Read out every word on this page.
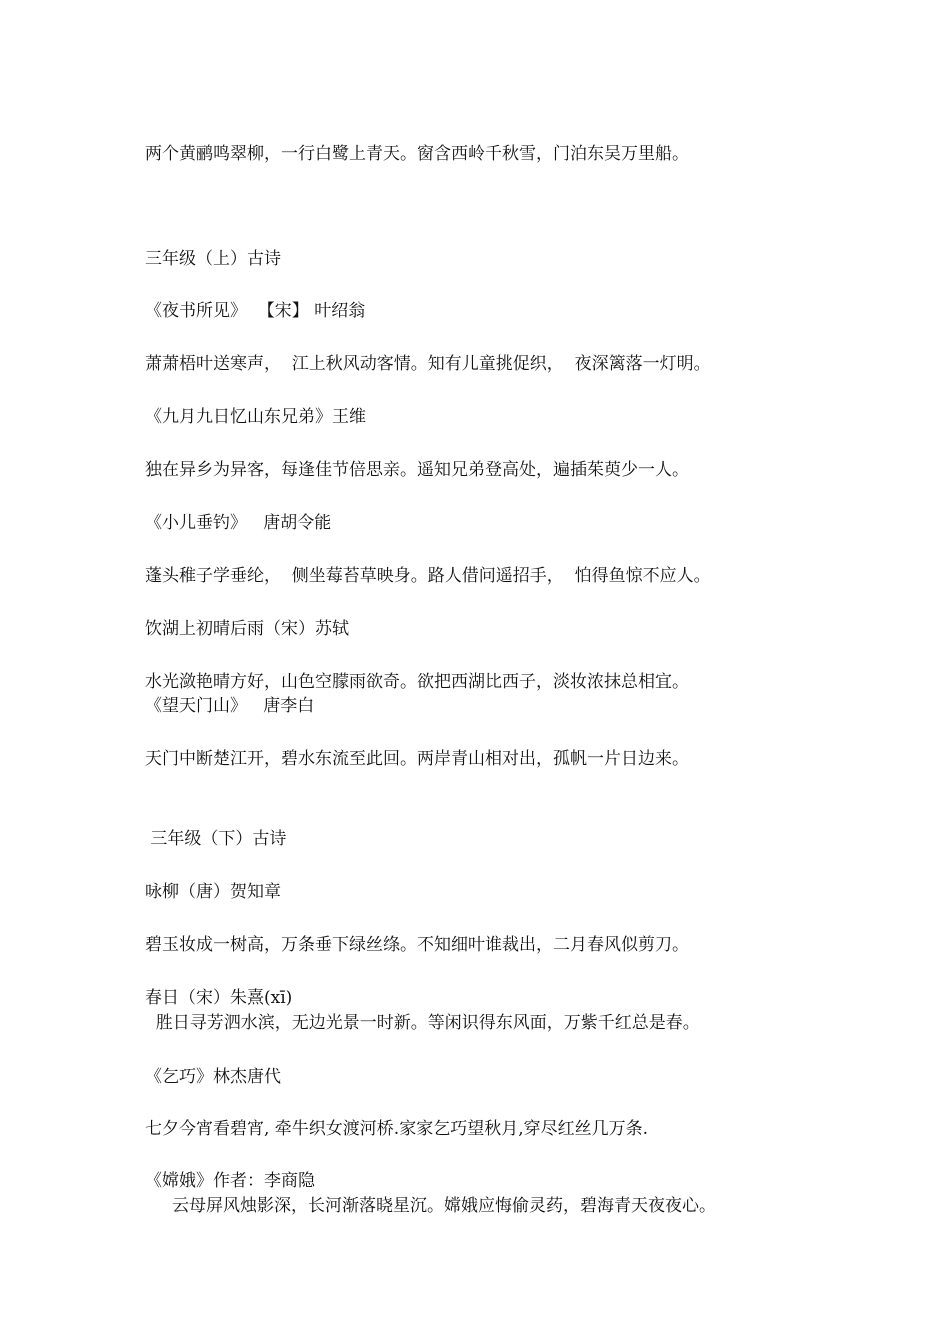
两个黄鹂鸣翠柳，一行白鹭上青天。窗含西岭千秋雪，门泊东吴万里船。

三年级（上）古诗

《夜书所见》  【宋】 叶绍翁

萧萧梧叶送寒声，  江上秋风动客情。知有儿童挑促织，  夜深篱落一灯明。

《九月九日忆山东兄弟》王维

独在异乡为异客，每逢佳节倍思亲。遥知兄弟登高处，遍插茱萸少一人。

《小儿垂钓》   唐胡令能

蓬头稚子学垂纶，  侧坐莓苔草映身。路人借问遥招手，  怕得鱼惊不应人。

饮湖上初晴后雨（宋）苏轼

水光潋艳晴方好，山色空朦雨欲奇。欲把西湖比西子，淡妆浓抹总相宜。

《望天门山》   唐李白

天门中断楚江开，碧水东流至此回。两岸青山相对出，孤帆一片日边来。

三年级（下）古诗

咏柳（唐）贺知章

碧玉妆成一树高，万条垂下绿丝绦。不知细叶谁裁出，二月春风似剪刀。

春日（宋）朱熹(xī)

胜日寻芳泗水滨，无边光景一时新。等闲识得东风面，万紫千红总是春。

《乞巧》林杰唐代

七夕今宵看碧宵, 牵牛织女渡河桥.家家乞巧望秋月,穿尽红丝几万条.

《嫦娥》作者：李商隐

云母屏风烛影深，长河渐落晓星沉。嫦娥应悔偷灵药，碧海青天夜夜心。
